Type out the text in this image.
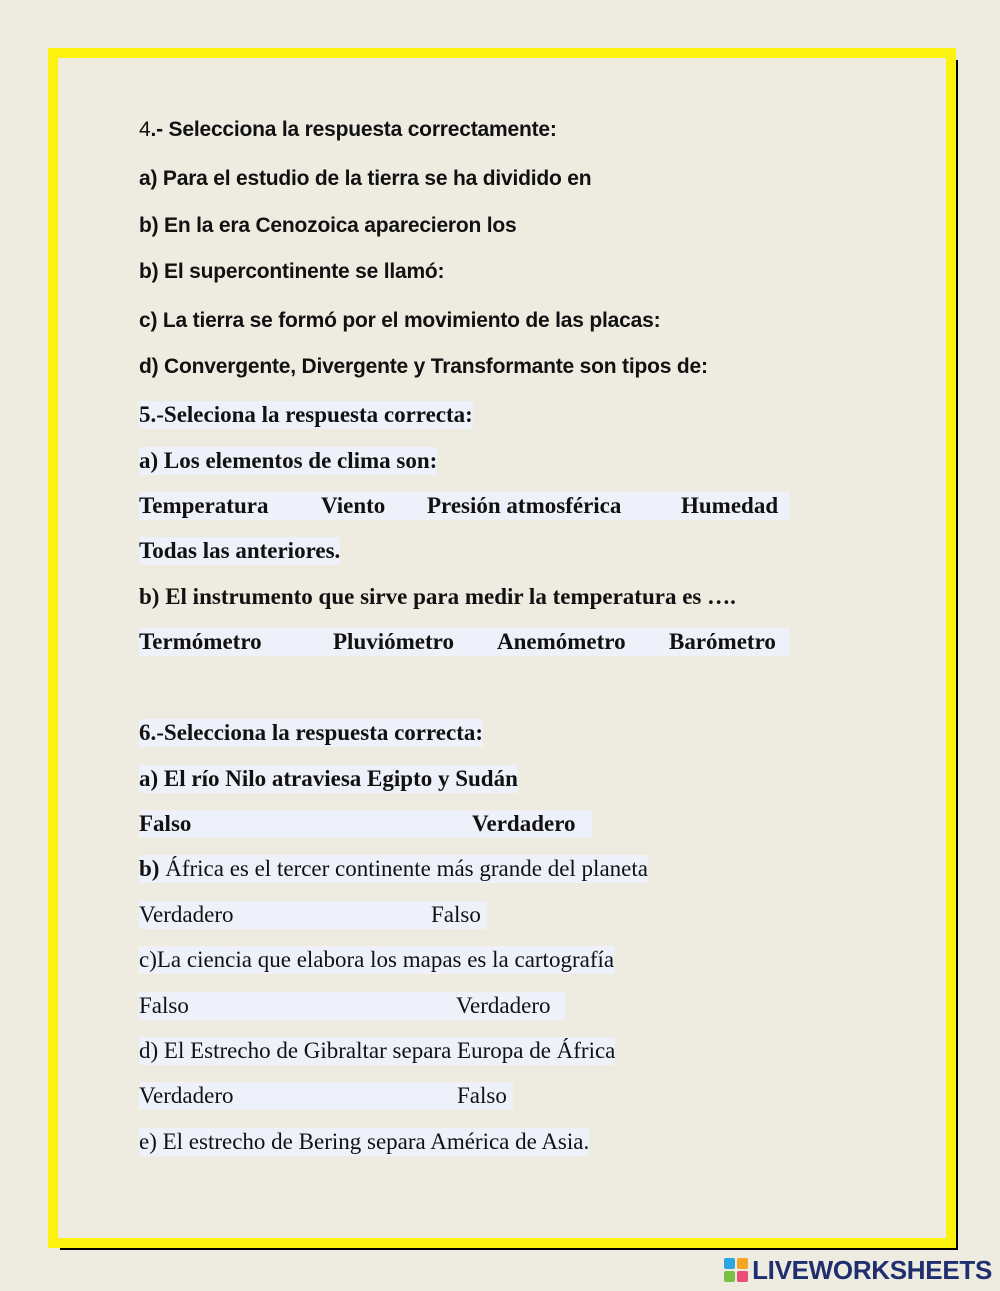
4.- Selecciona la respuesta correctamente:
a) Para el estudio de la tierra se ha dividido en
b) En la era Cenozoica aparecieron los
b) El supercontinente se llamó:
c) La tierra se formó por el movimiento de las placas:
d) Convergente, Divergente y Transformante son tipos de:
5.-Seleciona la respuesta correcta:
a) Los elementos de clima son:
Temperatura Viento Presión atmosférica	Humedad

Todas las anteriores.
b) El instrumento que sirve para medir la temperatura es ….
Termómetro	Pluviómetro Anemómetro Barómetro

6.-Selecciona la respuesta correcta:
a) El río Nilo atraviesa Egipto y Sudán
Falso	Verdadero

b) África es el tercer continente más grande del planeta
Verdadero	Falso

c)La ciencia que elabora los mapas es la cartografía
Falso	Verdadero

d) El Estrecho de Gibraltar separa Europa de África
Verdadero	Falso

e) El estrecho de Bering separa América de Asia.
LIVEWORKSHEETS
